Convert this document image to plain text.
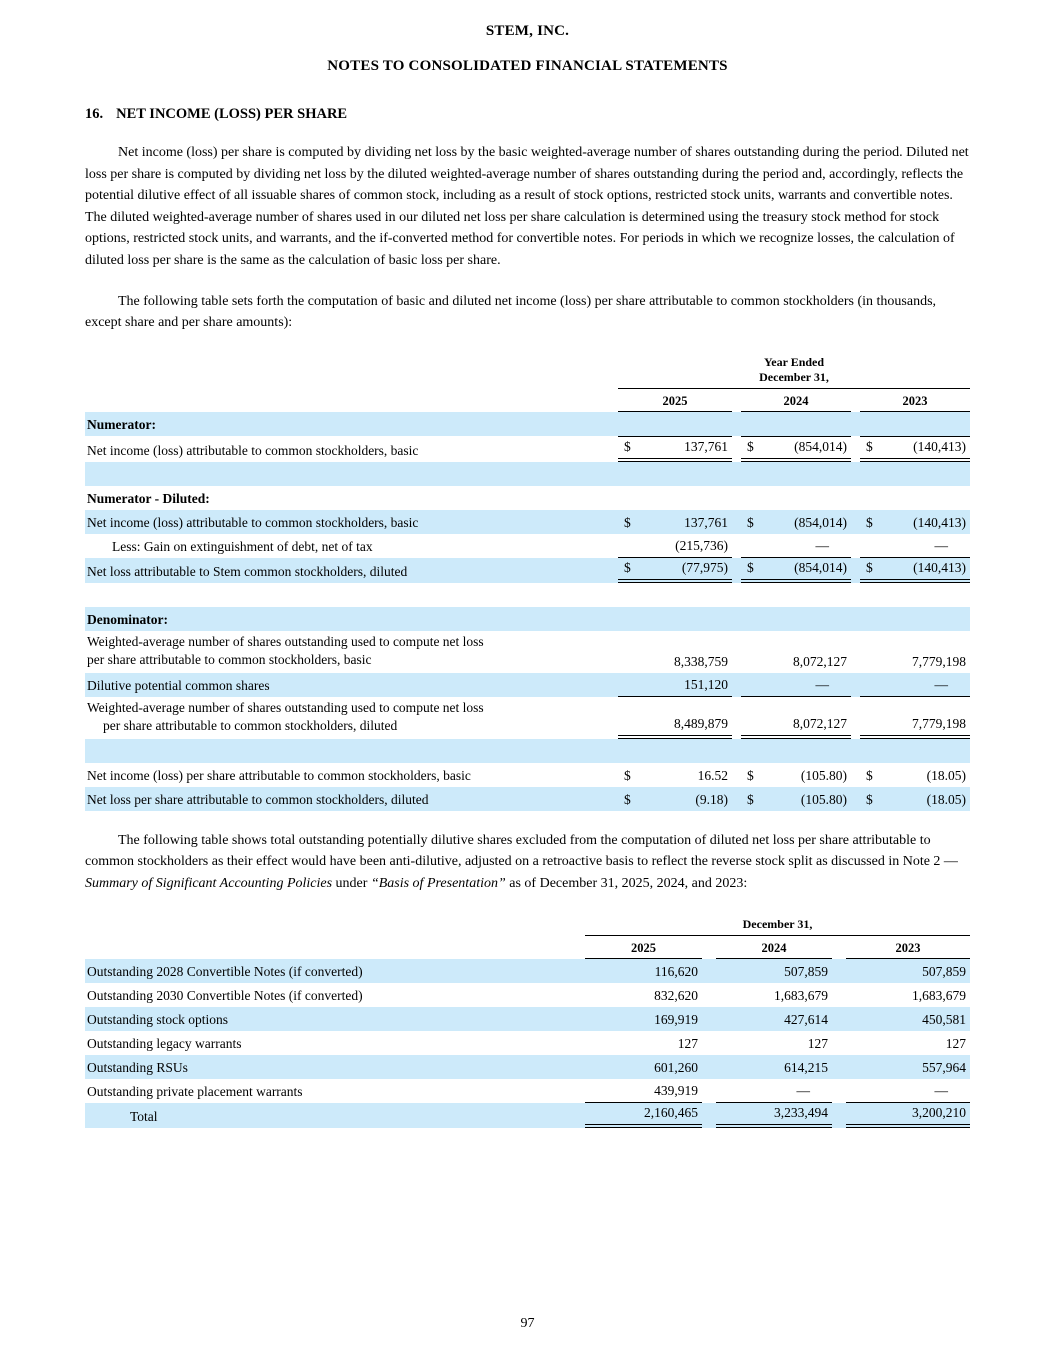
STEM, INC.
NOTES TO CONSOLIDATED FINANCIAL STATEMENTS
16. NET INCOME (LOSS) PER SHARE

Net income (loss) per share is computed by dividing net loss by the basic weighted-average number of shares outstanding during the period. Diluted net loss per share is computed by dividing net loss by the diluted weighted-average number of shares outstanding during the period and, accordingly, reflects the potential dilutive effect of all issuable shares of common stock, including as a result of stock options, restricted stock units, warrants and convertible notes. The diluted weighted-average number of shares used in our diluted net loss per share calculation is determined using the treasury stock method for stock options, restricted stock units, and warrants, and the if-converted method for convertible notes. For periods in which we recognize losses, the calculation of diluted loss per share is the same as the calculation of basic loss per share.

The following table sets forth the computation of basic and diluted net income (loss) per share attributable to common stockholders (in thousands, except share and per share amounts):

Year Ended
December 31,
2025	2024	2023
Numerator:
Net income (loss) attributable to common stockholders, basic	$	137,761 $	(854,014) $	(140,413)
Numerator - Diluted:
Net income (loss) attributable to common stockholders, basic	$	137,761 $	(854,014) $	(140,413)
Less: Gain on extinguishment of debt, net of tax	(215,736)	—	—
Net loss attributable to Stem common stockholders, diluted	$	(77,975) $	(854,014) $	(140,413)
Denominator:
Weighted-average number of shares outstanding used to compute net loss
per share attributable to common stockholders, basic	8,338,759	8,072,127	7,779,198
Dilutive potential common shares	151,120	—	—
Weighted-average number of shares outstanding used to compute net loss
per share attributable to common stockholders, diluted	8,489,879	8,072,127	7,779,198
Net income (loss) per share attributable to common stockholders, basic	$	16.52 $	(105.80) $	(18.05)
Net loss per share attributable to common stockholders, diluted	$	(9.18) $	(105.80) $	(18.05)

The following table shows total outstanding potentially dilutive shares excluded from the computation of diluted net loss per share attributable to common stockholders as their effect would have been anti-dilutive, adjusted on a retroactive basis to reflect the reverse stock split as discussed in Note 2 — Summary of Significant Accounting Policies under “Basis of Presentation” as of December 31, 2025, 2024, and 2023:

December 31,
2025	2024	2023
Outstanding 2028 Convertible Notes (if converted)	116,620	507,859	507,859
Outstanding 2030 Convertible Notes (if converted)	832,620	1,683,679	1,683,679
Outstanding stock options	169,919	427,614	450,581
Outstanding legacy warrants	127	127	127
Outstanding RSUs	601,260	614,215	557,964
Outstanding private placement warrants	439,919	—	—
Total	2,160,465	3,233,494	3,200,210
97
